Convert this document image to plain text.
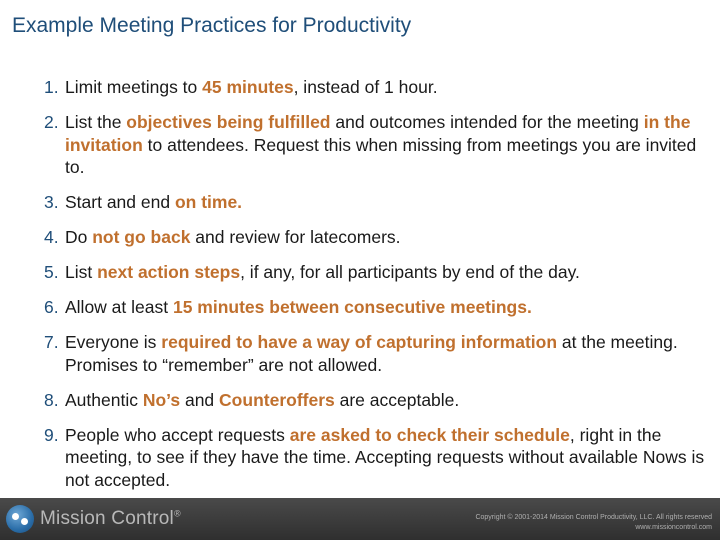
Example Meeting Practices for Productivity
1. Limit meetings to 45 minutes, instead of 1 hour.
2. List the objectives being fulfilled and outcomes intended for the meeting in the invitation to attendees. Request this when missing from meetings you are invited to.
3. Start and end on time.
4. Do not go back and review for latecomers.
5. List next action steps, if any, for all participants by end of the day.
6. Allow at least 15 minutes between consecutive meetings.
7. Everyone is required to have a way of capturing information at the meeting. Promises to “remember” are not allowed.
8. Authentic No’s and Counteroffers are acceptable.
9. People who accept requests are asked to check their schedule, right in the meeting, to see if they have the time. Accepting requests without available Nows is not accepted.
Mission Control®	Copyright © 2001-2014 Mission Control Productivity, LLC. All rights reserved
www.missioncontrol.com
